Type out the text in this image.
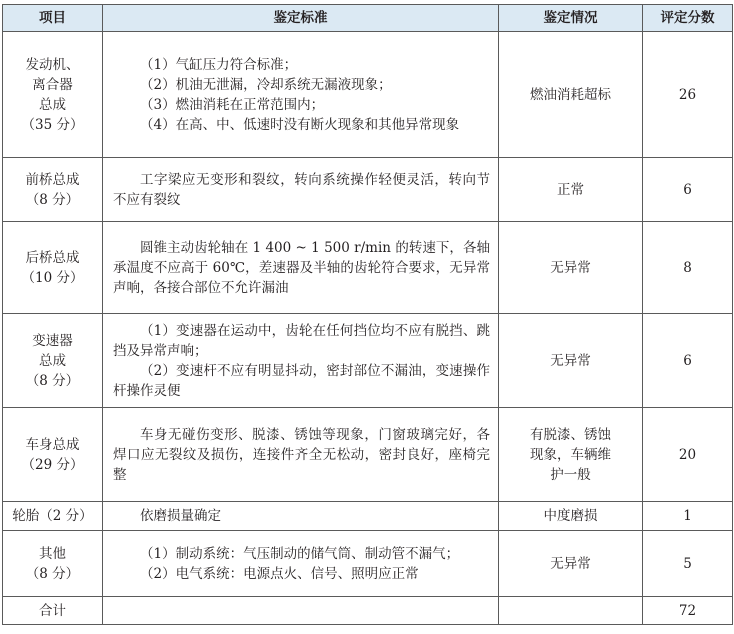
项目	鉴定标准	鉴定情况	评定分数

发动机、
离合器
总成
（35 分）	（1）气缸压力符合标准；
（2）机油无泄漏，冷却系统无漏液现象；
（3）燃油消耗在正常范围内；
（4）在高、中、低速时没有断火现象和其他异常现象	燃油消耗超标	26

前桥总成
（8 分）	工字梁应无变形和裂纹，转向系统操作轻便灵活，转向节不应有裂纹	正常	6

后桥总成
（10 分）	圆锥主动齿轮轴在 1 400 ~ 1 500 r/min 的转速下，各轴承温度不应高于 60℃，差速器及半轴的齿轮符合要求，无异常声响，各接合部位不允许漏油	无异常	8

变速器
总成
（8 分）	（1）变速器在运动中，齿轮在任何挡位均不应有脱挡、跳挡及异常声响；
（2）变速杆不应有明显抖动，密封部位不漏油，变速操作杆操作灵便	无异常	6

车身总成
（29 分）	车身无碰伤变形、脱漆、锈蚀等现象，门窗玻璃完好，各焊口应无裂纹及损伤，连接件齐全无松动，密封良好，座椅完整	有脱漆、锈蚀
现象，车辆维
护一般	20

轮胎（2 分）	依磨损量确定	中度磨损	1

其他
（8 分）	（1）制动系统：气压制动的储气筒、制动管不漏气；
（2）电气系统：电源点火、信号、照明应正常	无异常	5

合计			72
